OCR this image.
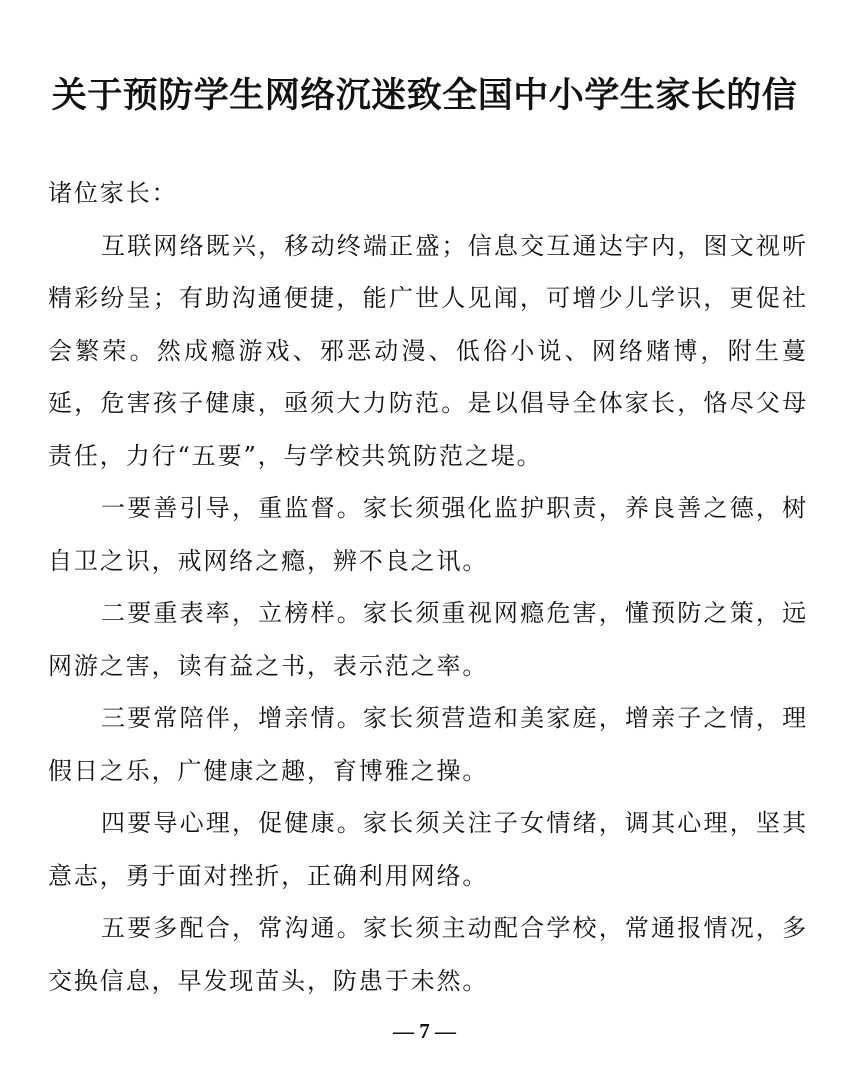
关于预防学生网络沉迷致全国中小学生家长的信

诸位家长：

互联网络既兴，移动终端正盛；信息交互通达宇内，图文视听精彩纷呈；有助沟通便捷，能广世人见闻，可增少儿学识，更促社会繁荣。然成瘾游戏、邪恶动漫、低俗小说、网络赌博，附生蔓延，危害孩子健康，亟须大力防范。是以倡导全体家长，恪尽父母责任，力行“五要”，与学校共筑防范之堤。

一要善引导，重监督。家长须强化监护职责，养良善之德，树自卫之识，戒网络之瘾，辨不良之讯。

二要重表率，立榜样。家长须重视网瘾危害，懂预防之策，远网游之害，读有益之书，表示范之率。

三要常陪伴，增亲情。家长须营造和美家庭，增亲子之情，理假日之乐，广健康之趣，育博雅之操。

四要导心理，促健康。家长须关注子女情绪，调其心理，坚其意志，勇于面对挫折，正确利用网络。

五要多配合，常沟通。家长须主动配合学校，常通报情况，多交换信息，早发现苗头，防患于未然。

— 7 —
